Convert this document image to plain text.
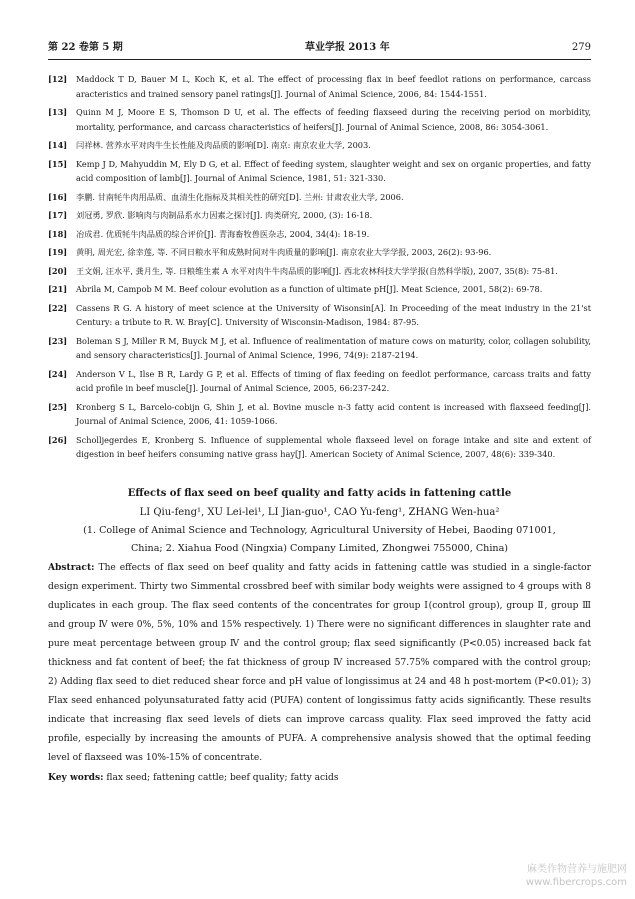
第 22 卷第 5 期	草业学报 2013 年	279
[12]	Maddock T D, Bauer M L, Koch K, et al. The effect of processing flax in beef feedlot rations on performance, carcass aracteristics and trained sensory panel ratings[J]. Journal of Animal Science, 2006, 84: 1544-1551.
[13]	Quinn M J, Moore E S, Thomson D U, et al. The effects of feeding flaxseed during the receiving period on morbidity, mortality, performance, and carcass characteristics of heifers[J]. Journal of Animal Science, 2008, 86: 3054-3061.
[14]	闫祥林. 营养水平对肉牛生长性能及肉品质的影响[D]. 南京: 南京农业大学, 2003.
[15]	Kemp J D, Mahyuddin M, Ely D G, et al. Effect of feeding system, slaughter weight and sex on organic properties, and fatty acid composition of lamb[J]. Journal of Animal Science, 1981, 51: 321-330.
[16]	李鹏. 甘南牦牛肉用品质、血清生化指标及其相关性的研究[D]. 兰州: 甘肃农业大学, 2006.
[17]	刘冠勇, 罗欣. 影响肉与肉制品系水力因素之探讨[J]. 肉类研究, 2000, (3): 16-18.
[18]	冶成君. 优质牦牛肉品质的综合评价[J]. 青海畜牧兽医杂志, 2004, 34(4): 18-19.
[19]	黄明, 周光宏, 徐幸莲, 等. 不同日粮水平和成熟时间对牛肉质量的影响[J]. 南京农业大学学报, 2003, 26(2): 93-96.
[20]	王文娟, 汪水平, 龚月生, 等. 日粮维生素 A 水平对肉牛牛肉品质的影响[J]. 西北农林科技大学学报(自然科学版), 2007, 35(8): 75-81.
[21]	Abrila M, Campob M M. Beef colour evolution as a function of ultimate pH[J]. Meat Science, 2001, 58(2): 69-78.
[22]	Cassens R G. A history of meet science at the University of Wisonsin[A]. In Proceeding of the meat industry in the 21'st Century: a tribute to R. W. Bray[C]. University of Wisconsin-Madison, 1984: 87-95.
[23]	Boleman S J, Miller R M, Buyck M J, et al. Influence of realimentation of mature cows on maturity, color, collagen solubility, and sensory characteristics[J]. Journal of Animal Science, 1996, 74(9): 2187-2194.
[24]	Anderson V L, Ilse B R, Lardy G P, et al. Effects of timing of flax feeding on feedlot performance, carcass traits and fatty acid profile in beef muscle[J]. Journal of Animal Science, 2005, 66:237-242.
[25]	Kronberg S L, Barcelo-cobijn G, Shin J, et al. Bovine muscle n-3 fatty acid content is increased with flaxseed feeding[J]. Journal of Animal Science, 2006, 41: 1059-1066.
[26]	Scholljegerdes E, Kronberg S. Influence of supplemental whole flaxseed level on forage intake and site and extent of digestion in beef heifers consuming native grass hay[J]. American Society of Animal Science, 2007, 48(6): 339-340.
Effects of flax seed on beef quality and fatty acids in fattening cattle
LI Qiu-feng¹, XU Lei-lei¹, LI Jian-guo¹, CAO Yu-feng¹, ZHANG Wen-hua²
(1. College of Animal Science and Technology, Agricultural University of Hebei, Baoding 071001,
China; 2. Xiahua Food (Ningxia) Company Limited, Zhongwei 755000, China)
Abstract: The effects of flax seed on beef quality and fatty acids in fattening cattle was studied in a single-factor design experiment. Thirty two Simmental crossbred beef with similar body weights were assigned to 4 groups with 8 duplicates in each group. The flax seed contents of the concentrates for group Ⅰ(control group), group Ⅱ, group Ⅲ and group Ⅳ were 0%, 5%, 10% and 15% respectively. 1) There were no significant differences in slaughter rate and pure meat percentage between group Ⅳ and the control group; flax seed significantly (P<0.05) increased back fat thickness and fat content of beef; the fat thickness of group Ⅳ increased 57.75% compared with the control group; 2) Adding flax seed to diet reduced shear force and pH value of longissimus at 24 and 48 h post-mortem (P<0.01); 3) Flax seed enhanced polyunsaturated fatty acid (PUFA) content of longissimus fatty acids significantly. These results indicate that increasing flax seed levels of diets can improve carcass quality. Flax seed improved the fatty acid profile, especially by increasing the amounts of PUFA. A comprehensive analysis showed that the optimal feeding level of flaxseed was 10%-15% of concentrate.
Key words: flax seed; fattening cattle; beef quality; fatty acids
麻类作物营养与施肥网
www.fibercrops.com
